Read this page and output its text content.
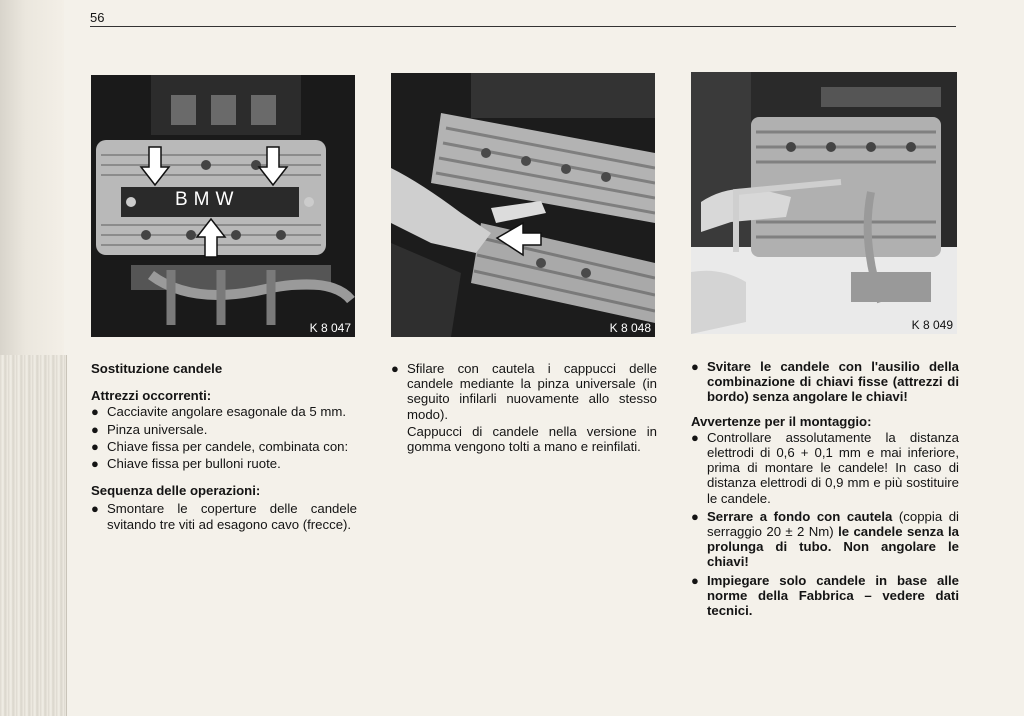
56
BMW
K 8 047	K 8 048	K 8 049

Sostituzione candele

Attrezzi occorrenti:

● Cacciavite angolare esagonale da 5 mm.
● Pinza universale.
● Chiave fissa per candele, combinata con:
● Chiave fissa per bulloni ruote.

Sequenza delle operazioni:

● Smontare le coperture delle candele svitando tre viti ad esagono cavo (frecce).
● Sfilare con cautela i cappucci delle candele mediante la pinza universale (in seguito infilarli nuovamente allo stesso modo).

Cappucci di candele nella versione in gomma vengono tolti a mano e reinfilati.

● Svitare le candele con l'ausilio della combinazione di chiavi fisse (attrezzi di bordo) senza angolare le chiavi!

Avvertenze per il montaggio:

● Controllare assolutamente la distanza elettrodi di 0,6 + 0,1 mm e mai inferiore, prima di montare le candele! In caso di distanza elettrodi di 0,9 mm e più sostituire le candele.
● Serrare a fondo con cautela (coppia di serraggio 20 ± 2 Nm) le candele senza la prolunga di tubo. Non angolare le chiavi!
● Impiegare solo candele in base alle norme della Fabbrica – vedere dati tecnici.
